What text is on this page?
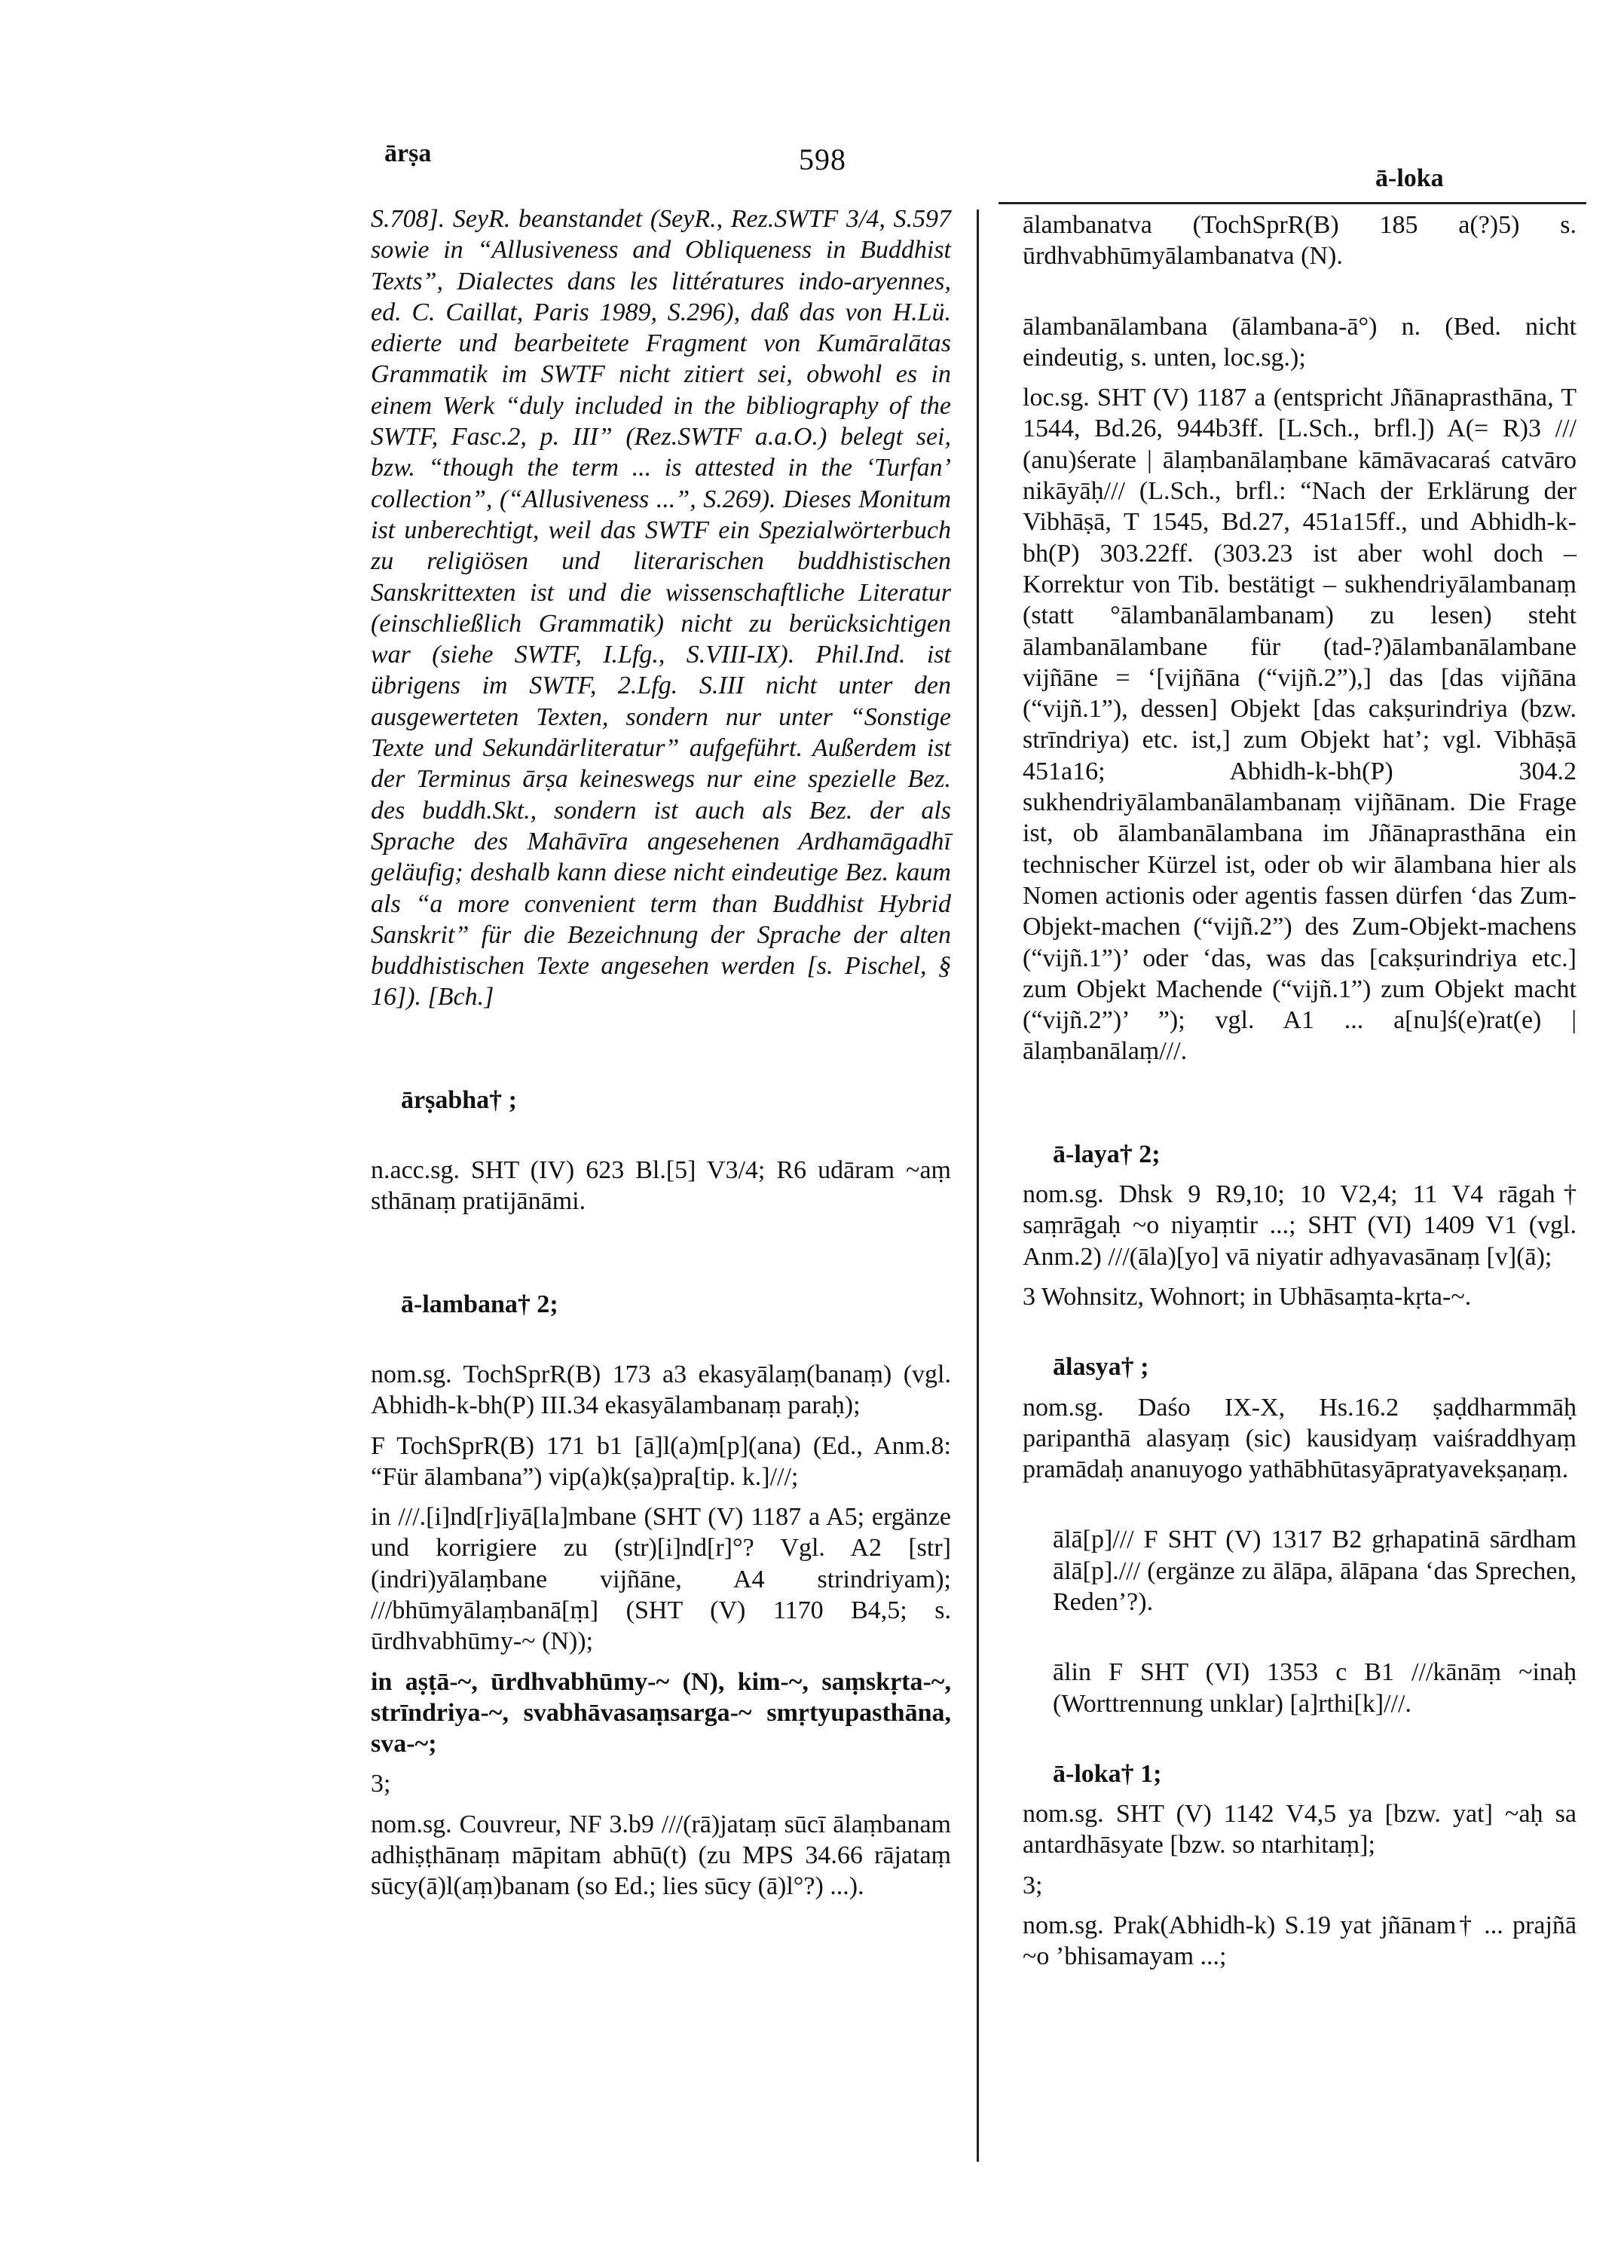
ārṣa	598
ā-loka

S.708]. SeyR. beanstandet (SeyR., Rez.SWTF 3/4, S.597 sowie in “Allusiveness and Obliqueness in Buddhist Texts”, Dialectes dans les littératures indo-aryennes, ed. C. Caillat, Paris 1989, S.296), daß das von H.Lü. edierte und bearbeitete Fragment von Kumāralātas Grammatik im SWTF nicht zitiert sei, obwohl es in einem Werk “duly included in the bibliography of the SWTF, Fasc.2, p. III” (Rez.SWTF a.a.O.) belegt sei, bzw. “though the term ... is attested in the ‘Turfan’ collection”, (“Allusiveness ...”, S.269). Dieses Monitum ist unberechtigt, weil das SWTF ein Spezialwörterbuch zu religiösen und literarischen buddhistischen Sanskrittexten ist und die wissenschaftliche Literatur (einschließlich Grammatik) nicht zu berücksichtigen war (siehe SWTF, I.Lfg., S.VIII-IX). Phil.Ind. ist übrigens im SWTF, 2.Lfg. S.III nicht unter den ausgewerteten Texten, sondern nur unter “Sonstige Texte und Sekundärliteratur” aufgeführt. Außerdem ist der Terminus ārṣa keineswegs nur eine spezielle Bez. des buddh.Skt., sondern ist auch als Bez. der als Sprache des Mahāvīra angesehenen Ardhamāgadhī geläufig; deshalb kann diese nicht eindeutige Bez. kaum als “a more convenient term than Buddhist Hybrid Sanskrit” für die Bezeichnung der Sprache der alten buddhistischen Texte angesehen werden [s. Pischel, § 16]). [Bch.]

ārṣabha† ;

n.acc.sg. SHT (IV) 623 Bl.[5] V3/4; R6 udāram ~aṃ sthānaṃ pratijānāmi.

ā-lambana† 2;

nom.sg. TochSprR(B) 173 a3 ekasyālaṃ(banaṃ) (vgl. Abhidh-k-bh(P) III.34 ekasyālambanaṃ paraḥ);

F TochSprR(B) 171 b1 [ā]l(a)m[p](ana) (Ed., Anm.8: “Für ālambana”) vip(a)k(ṣa)pra[tip. k.]///;

in ///.[i]nd[r]iyā[la]mbane (SHT (V) 1187 a A5; ergänze und korrigiere zu (str)[i]nd[r]°? Vgl. A2 [str](indri)yālaṃbane vijñāne, A4 strindriyam); ///bhūmyālaṃbanā[ṃ] (SHT (V) 1170 B4,5; s. ūrdhvabhūmy-~ (N));

in aṣṭā-~, ūrdhvabhūmy-~ (N), kim-~, saṃskṛta-~, strīndriya-~, svabhāvasaṃsarga-~ smṛtyupasthāna, sva-~;

3;

nom.sg. Couvreur, NF 3.b9 ///(rā)jataṃ sūcī ālaṃbanam adhiṣṭhānaṃ māpitam abhū(t) (zu MPS 34.66 rājataṃ sūcy(ā)l(aṃ)banam (so Ed.; lies sūcy (ā)l°?) ...).

ālambanatva (TochSprR(B) 185 a(?)5) s. ūrdhvabhūmyālambanatva (N).

ālambanālambana (ālambana-ā°) n. (Bed. nicht eindeutig, s. unten, loc.sg.);

loc.sg. SHT (V) 1187 a (entspricht Jñānaprasthāna, T 1544, Bd.26, 944b3ff. [L.Sch., brfl.]) A(= R)3 /// (anu)śerate | ālaṃbanālaṃbane kāmāvacaraś catvāro nikāyāḥ/// (L.Sch., brfl.: “Nach der Erklärung der Vibhāṣā, T 1545, Bd.27, 451a15ff., und Abhidh-k-bh(P) 303.22ff. (303.23 ist aber wohl doch – Korrektur von Tib. bestätigt – sukhendriyālambanaṃ (statt °ālambanālambanam) zu lesen) steht ālambanālambane für (tad-?)ālambanālambane vijñāne = ‘[vijñāna (“vijñ.2”),] das [das vijñāna (“vijñ.1”), dessen] Objekt [das cakṣurindriya (bzw. strīndriya) etc. ist,] zum Objekt hat’; vgl. Vibhāṣā 451a16; Abhidh-k-bh(P) 304.2 sukhendriyālambanālambanaṃ vijñānam. Die Frage ist, ob ālambanālambana im Jñānaprasthāna ein technischer Kürzel ist, oder ob wir ālambana hier als Nomen actionis oder agentis fassen dürfen ‘das Zum-Objekt-machen (“vijñ.2”) des Zum-Objekt-machens (“vijñ.1”)’ oder ‘das, was das [cakṣurindriya etc.] zum Objekt Machende (“vijñ.1”) zum Objekt macht (“vijñ.2”)’ ”); vgl. A1 ... a[nu]ś(e)rat(e) | ālaṃbanālaṃ///.

ā-laya† 2;

nom.sg. Dhsk 9 R9,10; 10 V2,4; 11 V4 rāgah† saṃrāgaḥ ~o niyaṃtir ...; SHT (VI) 1409 V1 (vgl. Anm.2) ///(āla)[yo] vā niyatir adhyavasānaṃ [v](ā);

3 Wohnsitz, Wohnort; in Ubhāsaṃta-kṛta-~.

ālasya† ;

nom.sg. Daśo IX-X, Hs.16.2 ṣaḍdharmmāḥ paripanthā alasyaṃ (sic) kausidyaṃ vaiśraddhyaṃ pramādaḥ ananuyogo yathābhūtasyāpratyavekṣaṇaṃ.

ālā[p]/// F SHT (V) 1317 B2 gṛhapatinā sārdham ālā[p]./// (ergänze zu ālāpa, ālāpana ‘das Sprechen, Reden’?).

ālin F SHT (VI) 1353 c B1 ///kānāṃ ~inaḥ (Worttrennung unklar) [a]rthi[k]///.

ā-loka† 1;

nom.sg. SHT (V) 1142 V4,5 ya [bzw. yat] ~aḥ sa antardhāsyate [bzw. so ntarhitaṃ];

3;

nom.sg. Prak(Abhidh-k) S.19 yat jñānam† ... prajñā ~o ’bhisamayam ...;
